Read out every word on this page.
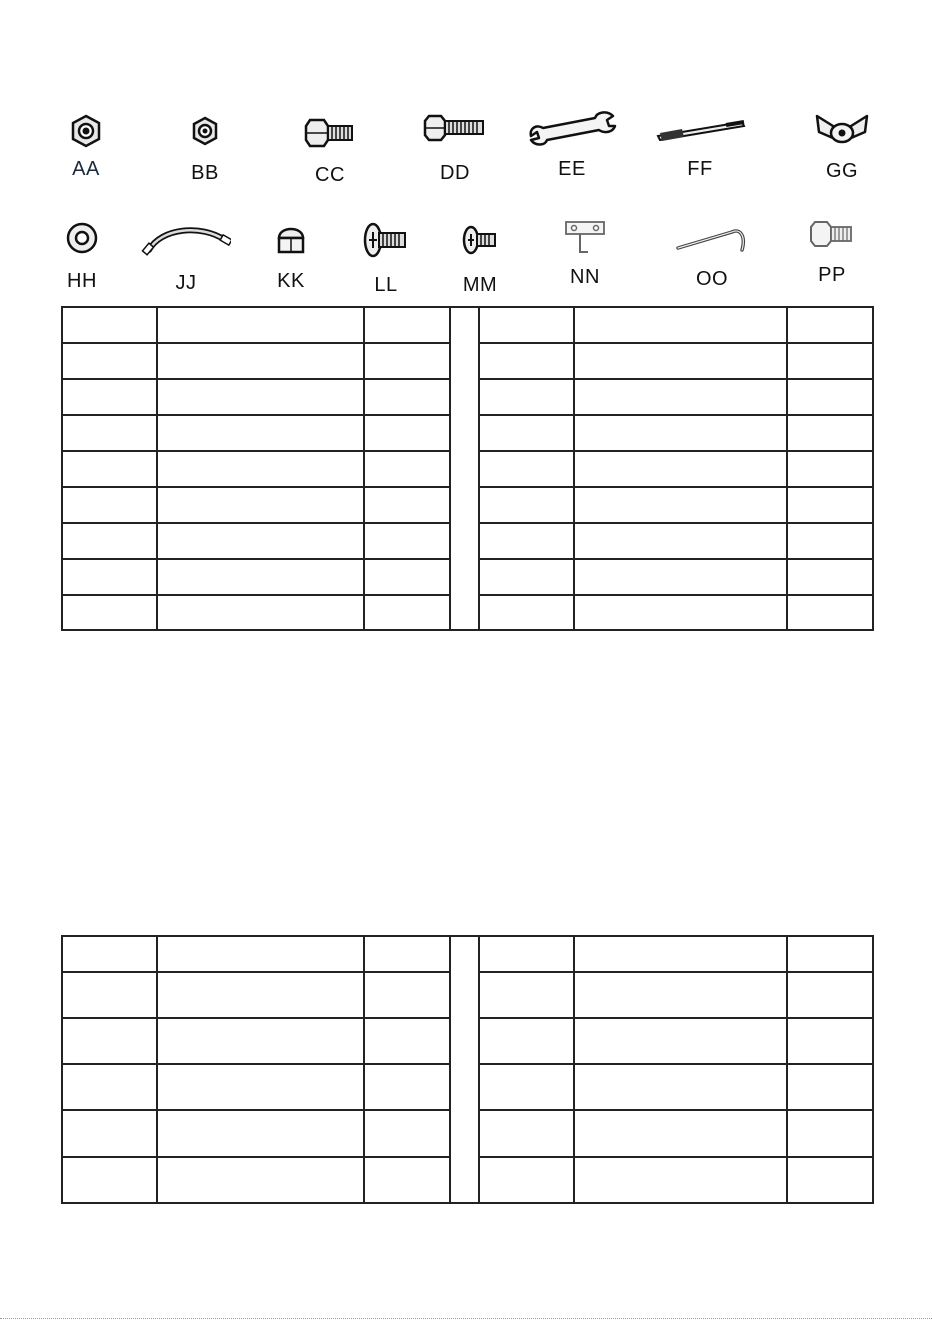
AA	BB	CC	DD	EE	FF	GG
HH	JJ	KK	LL	MM	NN	OO	PP
